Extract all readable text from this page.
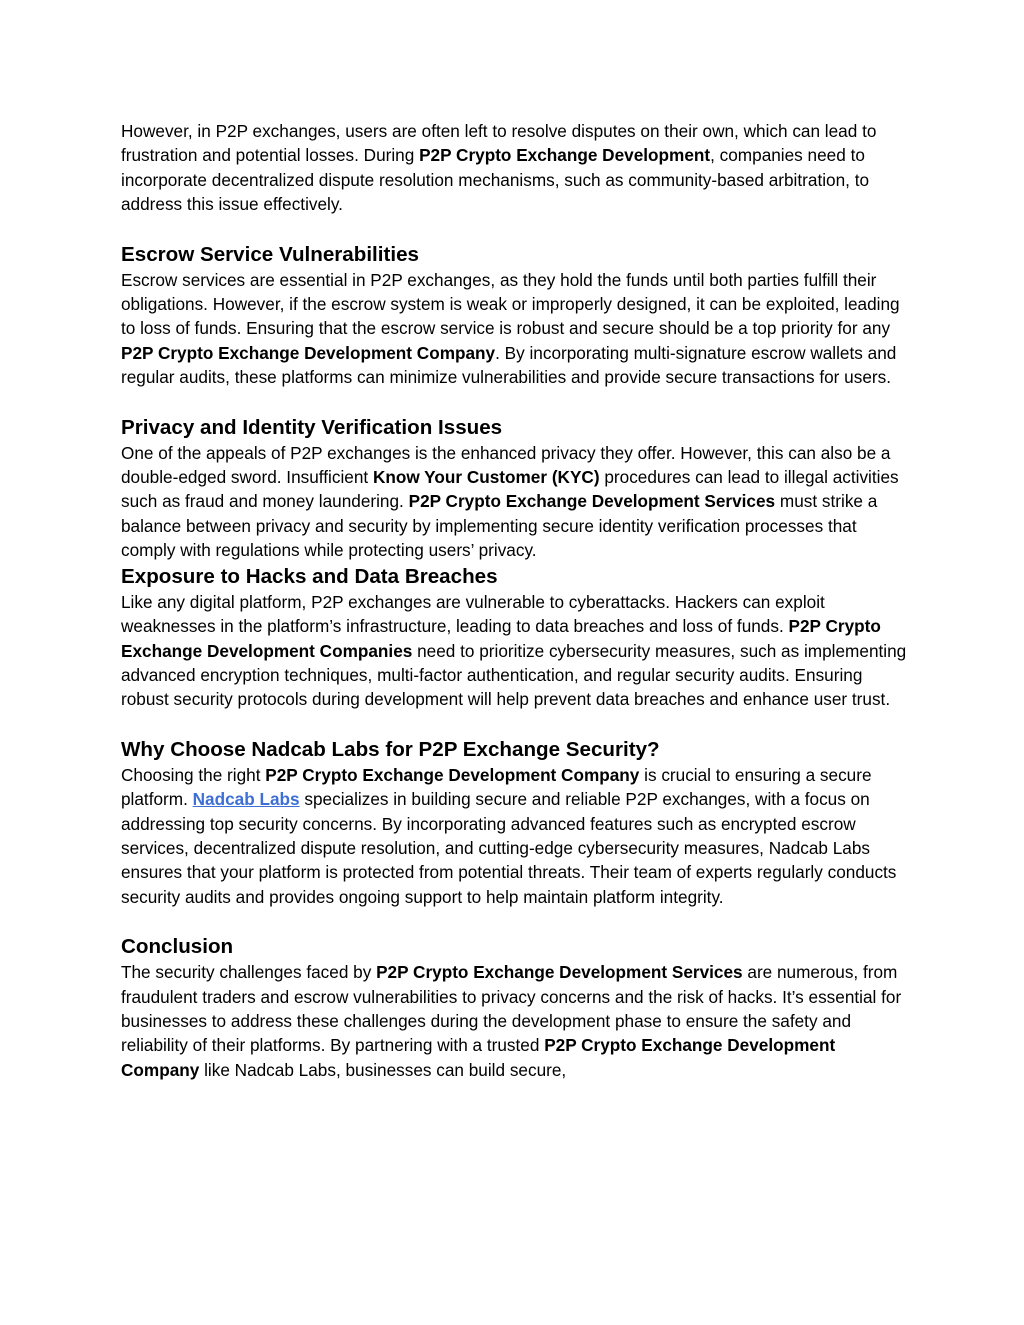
However, in P2P exchanges, users are often left to resolve disputes on their own, which can lead to frustration and potential losses. During P2P Crypto Exchange Development, companies need to incorporate decentralized dispute resolution mechanisms, such as community-based arbitration, to address this issue effectively.

Escrow Service Vulnerabilities

Escrow services are essential in P2P exchanges, as they hold the funds until both parties fulfill their obligations. However, if the escrow system is weak or improperly designed, it can be exploited, leading to loss of funds. Ensuring that the escrow service is robust and secure should be a top priority for any P2P Crypto Exchange Development Company. By incorporating multi-signature escrow wallets and regular audits, these platforms can minimize vulnerabilities and provide secure transactions for users.

Privacy and Identity Verification Issues

One of the appeals of P2P exchanges is the enhanced privacy they offer. However, this can also be a double-edged sword. Insufficient Know Your Customer (KYC) procedures can lead to illegal activities such as fraud and money laundering. P2P Crypto Exchange Development Services must strike a balance between privacy and security by implementing secure identity verification processes that comply with regulations while protecting users’ privacy.

Exposure to Hacks and Data Breaches

Like any digital platform, P2P exchanges are vulnerable to cyberattacks. Hackers can exploit weaknesses in the platform’s infrastructure, leading to data breaches and loss of funds. P2P Crypto Exchange Development Companies need to prioritize cybersecurity measures, such as implementing advanced encryption techniques, multi-factor authentication, and regular security audits. Ensuring robust security protocols during development will help prevent data breaches and enhance user trust.

Why Choose Nadcab Labs for P2P Exchange Security?

Choosing the right P2P Crypto Exchange Development Company is crucial to ensuring a secure platform. Nadcab Labs specializes in building secure and reliable P2P exchanges, with a focus on addressing top security concerns. By incorporating advanced features such as encrypted escrow services, decentralized dispute resolution, and cutting-edge cybersecurity measures, Nadcab Labs ensures that your platform is protected from potential threats. Their team of experts regularly conducts security audits and provides ongoing support to help maintain platform integrity.

Conclusion

The security challenges faced by P2P Crypto Exchange Development Services are numerous, from fraudulent traders and escrow vulnerabilities to privacy concerns and the risk of hacks. It’s essential for businesses to address these challenges during the development phase to ensure the safety and reliability of their platforms. By partnering with a trusted P2P Crypto Exchange Development Company like Nadcab Labs, businesses can build secure,
